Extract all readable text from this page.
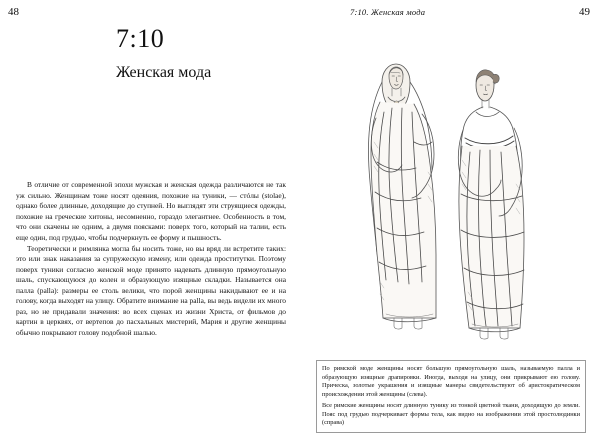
48
7:10
Женская мода

В отличие от современной эпохи мужская и женская одежда различаются не так уж сильно. Женщинам тоже носят одеяния, похожие на туники, — стóлы (stolae), однако более длинные, доходящие до ступней. Но выглядят эти струящиеся одежды, похожие на греческие хитоны, несомненно, гораздо элегантнее. Особенность в том, что они скачены не одним, а двумя поясками: поверх того, который на талии, есть еще один, под грудью, чтобы подчеркнуть ее форму и пышность.

Теоретически и римлянка могла бы носить тоже, но вы вряд ли встретите таких: это или знак наказания за супружескую измену, или одежда проститутки. Поэтому поверх туники согласно женской моде принято надевать длинную прямоугольную шаль, спускающуюся до колен и образующую изящные складки. Называется она палла (palla): размеры ее столь велики, что порой женщины накидывают ее и на голову, когда выходят на улицу. Обратите внимание на palla, вы ведь видели их много раз, но не придавали значения: во всех сценах из жизни Христа, от фильмов до картин в церквях, от вертепов до пасхальных мистерий, Мария и другие женщины обычно покрывают голову подобной шалью.

49
7:10. Женская мода

По римской моде женщины носят большую прямоугольную шаль, называемую палла и образующую изящные драпировки. Иногда, выходя на улицу, они прикрывают ею голову. Прическа, золотые украшения и изящные манеры свидетельствуют об аристократическом происхождении этой женщины (слева).

Все римские женщины носят длинную тунику из тонкой цветной ткани, доходящую до земли. Пояс под грудью подчеркивает формы тела, как видно на изображении этой простолюдинки (справа)
